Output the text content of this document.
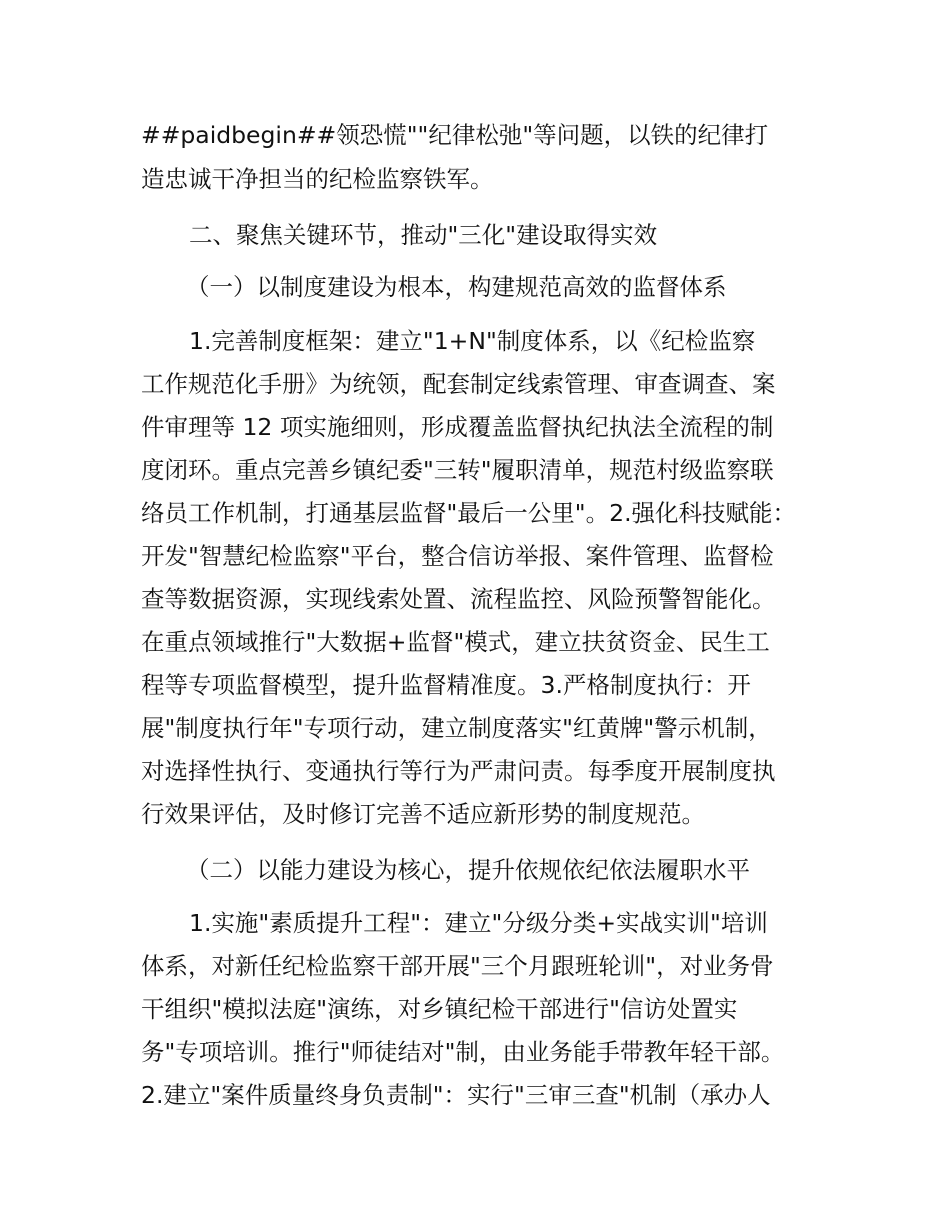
##paidbegin##领恐慌""纪律松弛"等问题，以铁的纪律打
造忠诚干净担当的纪检监察铁军。
二、聚焦关键环节，推动"三化"建设取得实效
（一）以制度建设为根本，构建规范高效的监督体系
1.完善制度框架：建立"1+N"制度体系，以《纪检监察
工作规范化手册》为统领，配套制定线索管理、审查调查、案
件审理等 12 项实施细则，形成覆盖监督执纪执法全流程的制
度闭环。重点完善乡镇纪委"三转"履职清单，规范村级监察联
络员工作机制，打通基层监督"最后一公里"。2.强化科技赋能：
开发"智慧纪检监察"平台，整合信访举报、案件管理、监督检
查等数据资源，实现线索处置、流程监控、风险预警智能化。
在重点领域推行"大数据+监督"模式，建立扶贫资金、民生工
程等专项监督模型，提升监督精准度。3.严格制度执行：开
展"制度执行年"专项行动，建立制度落实"红黄牌"警示机制，
对选择性执行、变通执行等行为严肃问责。每季度开展制度执
行效果评估，及时修订完善不适应新形势的制度规范。
（二）以能力建设为核心，提升依规依纪依法履职水平
1.实施"素质提升工程"：建立"分级分类+实战实训"培训
体系，对新任纪检监察干部开展"三个月跟班轮训"，对业务骨
干组织"模拟法庭"演练，对乡镇纪检干部进行"信访处置实
务"专项培训。推行"师徒结对"制，由业务能手带教年轻干部。
2.建立"案件质量终身负责制"：实行"三审三查"机制（承办人
